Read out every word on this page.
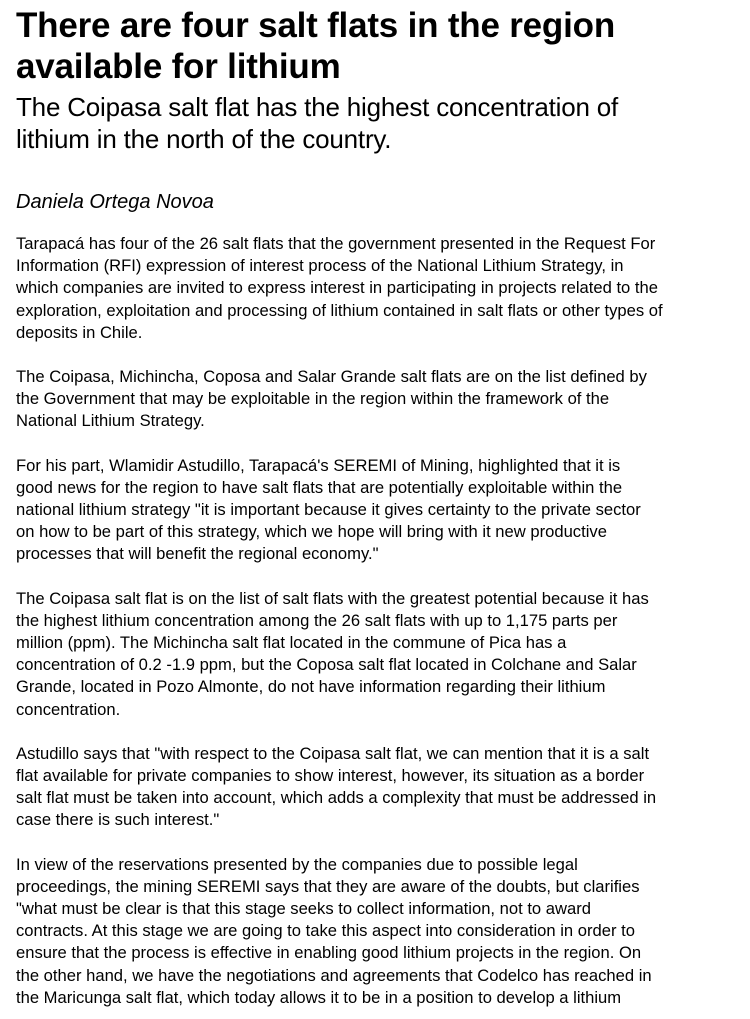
There are four salt flats in the region
available for lithium
The Coipasa salt flat has the highest concentration of
lithium in the north of the country.

Daniela Ortega Novoa

Tarapacá has four of the 26 salt flats that the government presented in the Request For
Information (RFI) expression of interest process of the National Lithium Strategy, in
which companies are invited to express interest in participating in projects related to the
exploration, exploitation and processing of lithium contained in salt flats or other types of
deposits in Chile.

The Coipasa, Michincha, Coposa and Salar Grande salt flats are on the list defined by
the Government that may be exploitable in the region within the framework of the
National Lithium Strategy.

For his part, Wlamidir Astudillo, Tarapacá's SEREMI of Mining, highlighted that it is
good news for the region to have salt flats that are potentially exploitable within the
national lithium strategy "it is important because it gives certainty to the private sector
on how to be part of this strategy, which we hope will bring with it new productive
processes that will benefit the regional economy."

The Coipasa salt flat is on the list of salt flats with the greatest potential because it has
the highest lithium concentration among the 26 salt flats with up to 1,175 parts per
million (ppm). The Michincha salt flat located in the commune of Pica has a
concentration of 0.2 -1.9 ppm, but the Coposa salt flat located in Colchane and Salar
Grande, located in Pozo Almonte, do not have information regarding their lithium
concentration.

Astudillo says that "with respect to the Coipasa salt flat, we can mention that it is a salt
flat available for private companies to show interest, however, its situation as a border
salt flat must be taken into account, which adds a complexity that must be addressed in
case there is such interest."

In view of the reservations presented by the companies due to possible legal
proceedings, the mining SEREMI says that they are aware of the doubts, but clarifies
"what must be clear is that this stage seeks to collect information, not to award
contracts. At this stage we are going to take this aspect into consideration in order to
ensure that the process is effective in enabling good lithium projects in the region. On
the other hand, we have the negotiations and agreements that Codelco has reached in
the Maricunga salt flat, which today allows it to be in a position to develop a lithium
